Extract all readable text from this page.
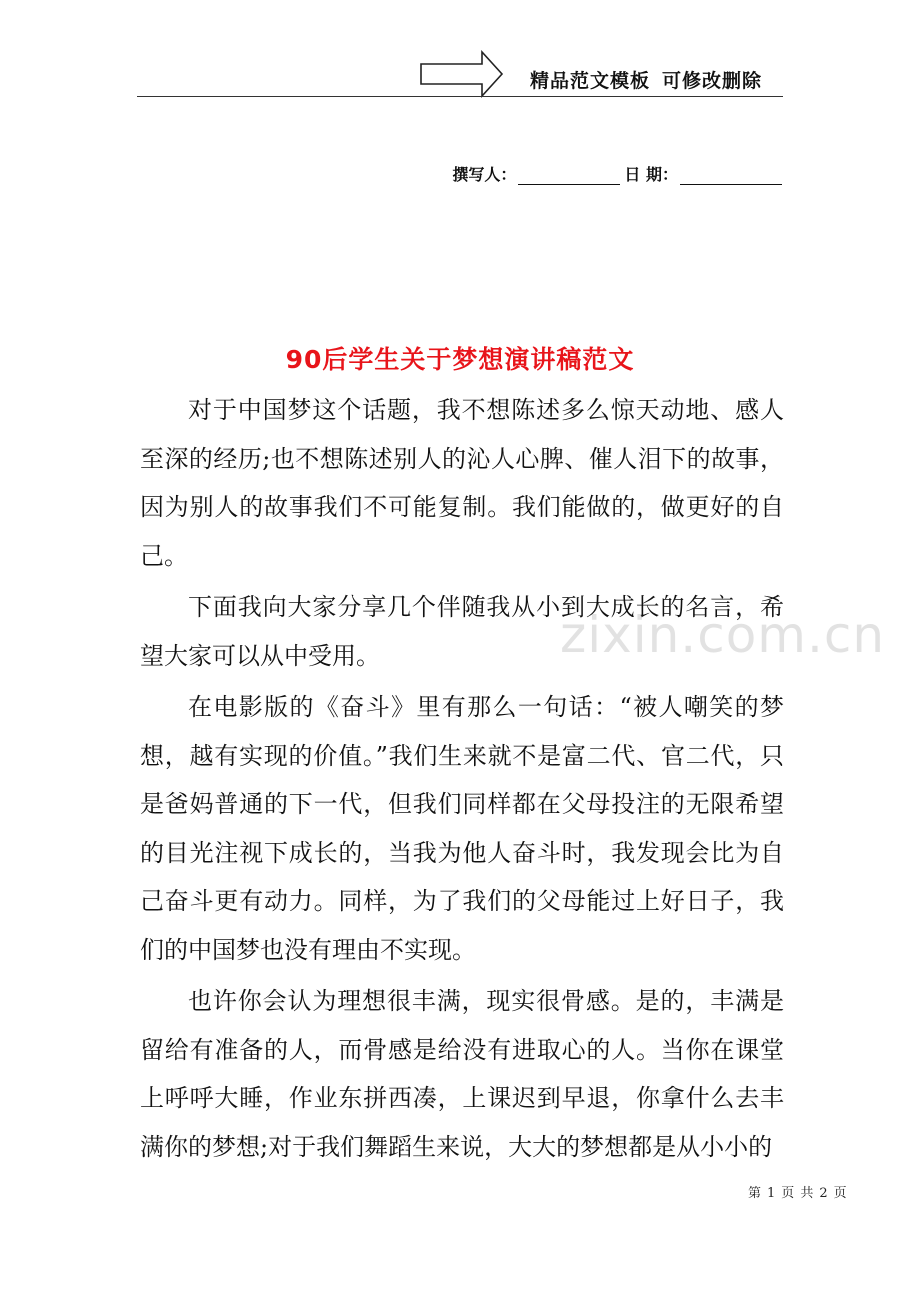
精品范文模板 可修改删除
撰写人：	日 期：
90后学生关于梦想演讲稿范文

对于中国梦这个话题，我不想陈述多么惊天动地、感人至深的经历;也不想陈述别人的沁人心脾、催人泪下的故事，因为别人的故事我们不可能复制。我们能做的，做更好的自己。

下面我向大家分享几个伴随我从小到大成长的名言，希望大家可以从中受用。

在电影版的《奋斗》里有那么一句话：“被人嘲笑的梦想，越有实现的价值。”我们生来就不是富二代、官二代，只是爸妈普通的下一代，但我们同样都在父母投注的无限希望的目光注视下成长的，当我为他人奋斗时，我发现会比为自己奋斗更有动力。同样，为了我们的父母能过上好日子，我们的中国梦也没有理由不实现。

也许你会认为理想很丰满，现实很骨感。是的，丰满是留给有准备的人，而骨感是给没有进取心的人。当你在课堂上呼呼大睡，作业东拼西凑，上课迟到早退，你拿什么去丰满你的梦想;对于我们舞蹈生来说，大大的梦想都是从小小的

zixin.com.cn
第 1 页 共 2 页
